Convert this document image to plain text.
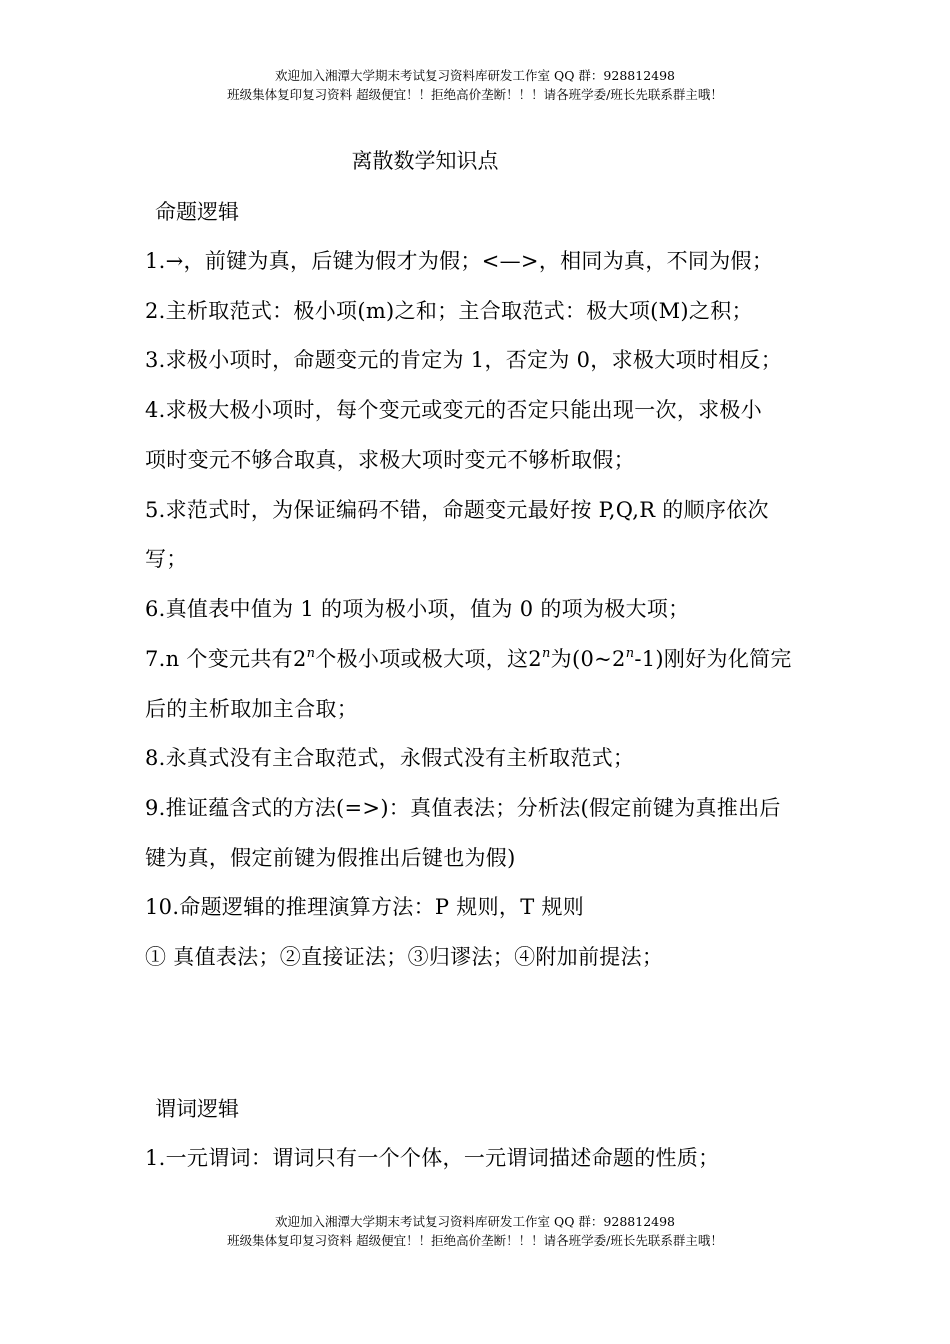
欢迎加入湘潭大学期末考试复习资料库研发工作室 QQ 群：928812498
班级集体复印复习资料 超级便宜！！拒绝高价垄断！！！请各班学委/班长先联系群主哦！
离散数学知识点
命题逻辑
1.→，前键为真，后键为假才为假；<—>，相同为真，不同为假；
2.主析取范式：极小项(m)之和；主合取范式：极大项(M)之积；
3.求极小项时，命题变元的肯定为 1，否定为 0，求极大项时相反；
4.求极大极小项时，每个变元或变元的否定只能出现一次，求极小
项时变元不够合取真，求极大项时变元不够析取假；
5.求范式时，为保证编码不错，命题变元最好按 P,Q,R 的顺序依次
写；
6.真值表中值为 1 的项为极小项，值为 0 的项为极大项；
7.n 个变元共有2$^n$个极小项或极大项，这2$^n$为(0~2$^n$-1)刚好为化简完
后的主析取加主合取；
8.永真式没有主合取范式，永假式没有主析取范式；
9.推证蕴含式的方法(=>)：真值表法；分析法(假定前键为真推出后
键为真，假定前键为假推出后键也为假)
10.命题逻辑的推理演算方法：P 规则，T 规则
① 真值表法；②直接证法；③归谬法；④附加前提法；
谓词逻辑
1.一元谓词：谓词只有一个个体，一元谓词描述命题的性质；
欢迎加入湘潭大学期末考试复习资料库研发工作室 QQ 群：928812498
班级集体复印复习资料 超级便宜！！拒绝高价垄断！！！请各班学委/班长先联系群主哦！
